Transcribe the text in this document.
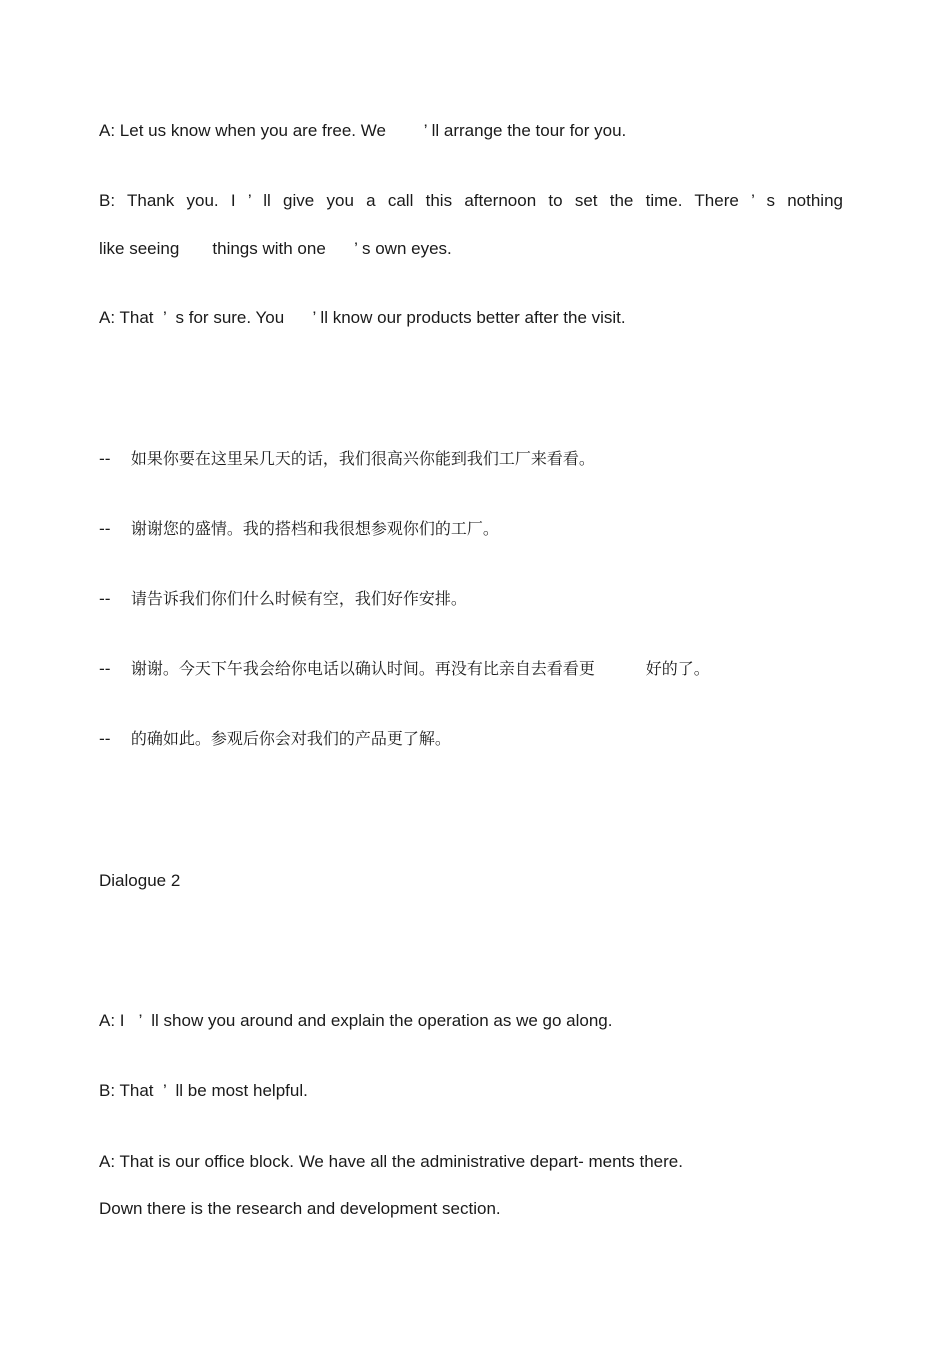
A: Let us know when you are free. We        ’ ll arrange the tour for you.
B: Thank you. I ’ ll give you a call this afternoon to set the time. There ’ s nothing
like seeing       things with one      ’ s own eyes.
A: That  ’  s for sure. You      ’ ll know our products better after the visit.
--    如果你要在这里呆几天的话，我们很高兴你能到我们工厂来看看。
--    谢谢您的盛情。我的搭档和我很想参观你们的工厂。
--    请告诉我们你们什么时候有空，我们好作安排。
--    谢谢。今天下午我会给你电话以确认时间。再没有比亲自去看看更          好的了。
--    的确如此。参观后你会对我们的产品更了解。
Dialogue 2
A: I   ’  ll show you around and explain the operation as we go along.
B: That  ’  ll be most helpful.
A: That is our office block. We have all the administrative depart- ments there.
Down there is the research and development section.
